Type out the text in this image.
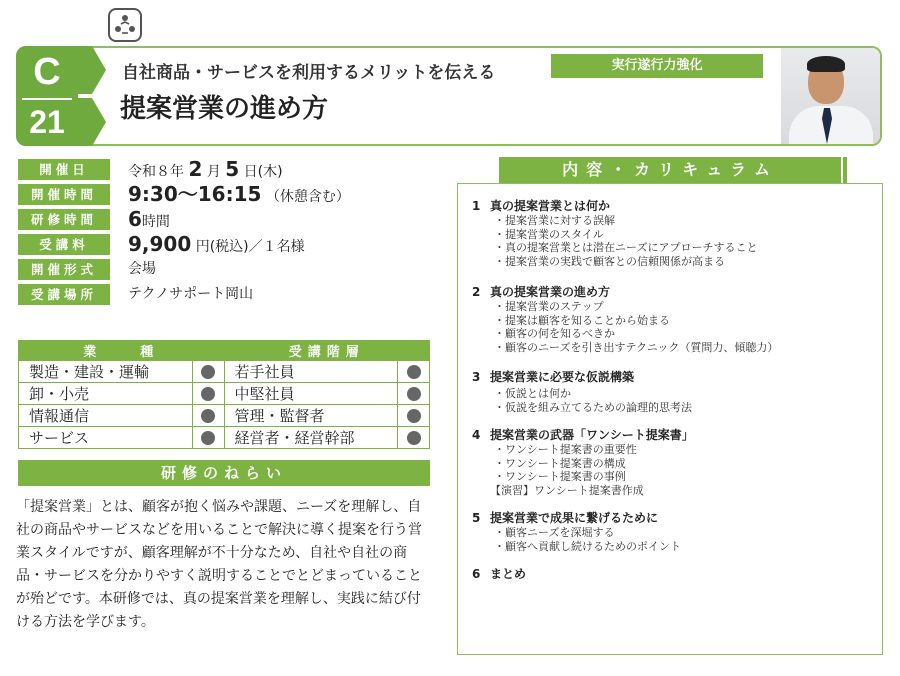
C
21
自社商品・サービスを利用するメリットを伝える
提案営業の進め方
実行遂行力強化
開催日	令和８年 2 月 5 日(木)
開催時間	9:30～16:15 （休憩含む）
研修時間	6時間
受講料	9,900 円(税込)／１名様
開催形式	会場
受講場所	テクノサポート岡山
業　　種		受講階層	
製造・建設・運輸		若手社員	
卸・小売		中堅社員	
情報通信		管理・監督者	
サービス		経営者・経営幹部	
研修のねらい
「提案営業」とは、顧客が抱く悩みや課題、ニーズを理解し、自社の商品やサービスなどを用いることで解決に導く提案を行う営業スタイルですが、顧客理解が不十分なため、自社や自社の商品・サービスを分かりやすく説明することでとどまっていることが殆どです。本研修では、真の提案営業を理解し、実践に結び付ける方法を学びます。
内容・カリキュラム
1 真の提案営業とは何か
・提案営業に対する誤解
・提案営業のスタイル
・真の提案営業とは潜在ニーズにアプローチすること
・提案営業の実践で顧客との信頼関係が高まる
2 真の提案営業の進め方
・提案営業のステップ
・提案は顧客を知ることから始まる
・顧客の何を知るべきか
・顧客のニーズを引き出すテクニック（質問力、傾聴力）
3 提案営業に必要な仮説構築
・仮説とは何か
・仮説を組み立てるための論理的思考法
4 提案営業の武器「ワンシート提案書」
・ワンシート提案書の重要性
・ワンシート提案書の構成
・ワンシート提案書の事例
【演習】ワンシート提案書作成
5 提案営業で成果に繋げるために
・顧客ニーズを深堀する
・顧客へ貢献し続けるためのポイント
6 まとめ
